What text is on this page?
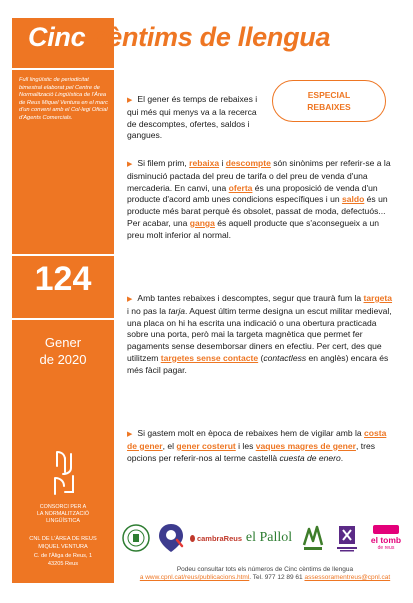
Full lingüístic de periodicitat bimestral elaborat pel Centre de Normalització Lingüística de l'Àrea de Reus Miquel Ventura en el marc d'un conveni amb el Col·legi Oficial d'Agents Comercials.
124
Gener
de 2020
CONSORCI PER A
LA NORMALITZACIÓ
LINGÜÍSTICA
CNL DE L'ÀREA DE REUS
MIQUEL VENTURA
C. de l'Àliga de Reus, 1
43205 Reus
Cinc cèntims de llengua
ESPECIAL
REBAIXES
▶ El gener és temps de rebaixes i qui més qui menys va a la recerca de descomptes, ofertes, saldos i gangues.
▶ Si filem prim, rebaixa i descompte són sinònims per referir-se a la disminució pactada del preu de tarifa o del preu de venda d'una mercaderia. En canvi, una oferta és una proposició de venda d'un producte d'acord amb unes condicions específiques i un saldo és un producte més barat perquè és obsolet, passat de moda, defectuós... Per acabar, una ganga és aquell producte que s'aconsegueix a un preu molt inferior al normal.
▶ Amb tantes rebaixes i descomptes, segur que traurà fum la targeta i no pas la tarja. Aquest últim terme designa un escut militar medieval, una placa on hi ha escrita una indicació o una obertura practicada sobre una porta, però mai la targeta magnètica que permet fer pagaments sense desemborsar diners en efectiu. Per cert, des que utilitzem targetes sense contacte (contactless en anglès) encara és més fàcil pagar.
▶ Si gastem molt en època de rebaixes hem de vigilar amb la costa de gener, el gener costerut i les vaques magres de gener, tres opcions per referir-nos al terme castellà cuesta de enero.
cambraReus el Pallol	el tomb
de reus
Podeu consultar tots els números de Cinc cèntims de llengua
a www.cpnl.cat/reus/publicacions.html. Tel. 977 12 89 61 assessoramentreus@cpnl.cat
